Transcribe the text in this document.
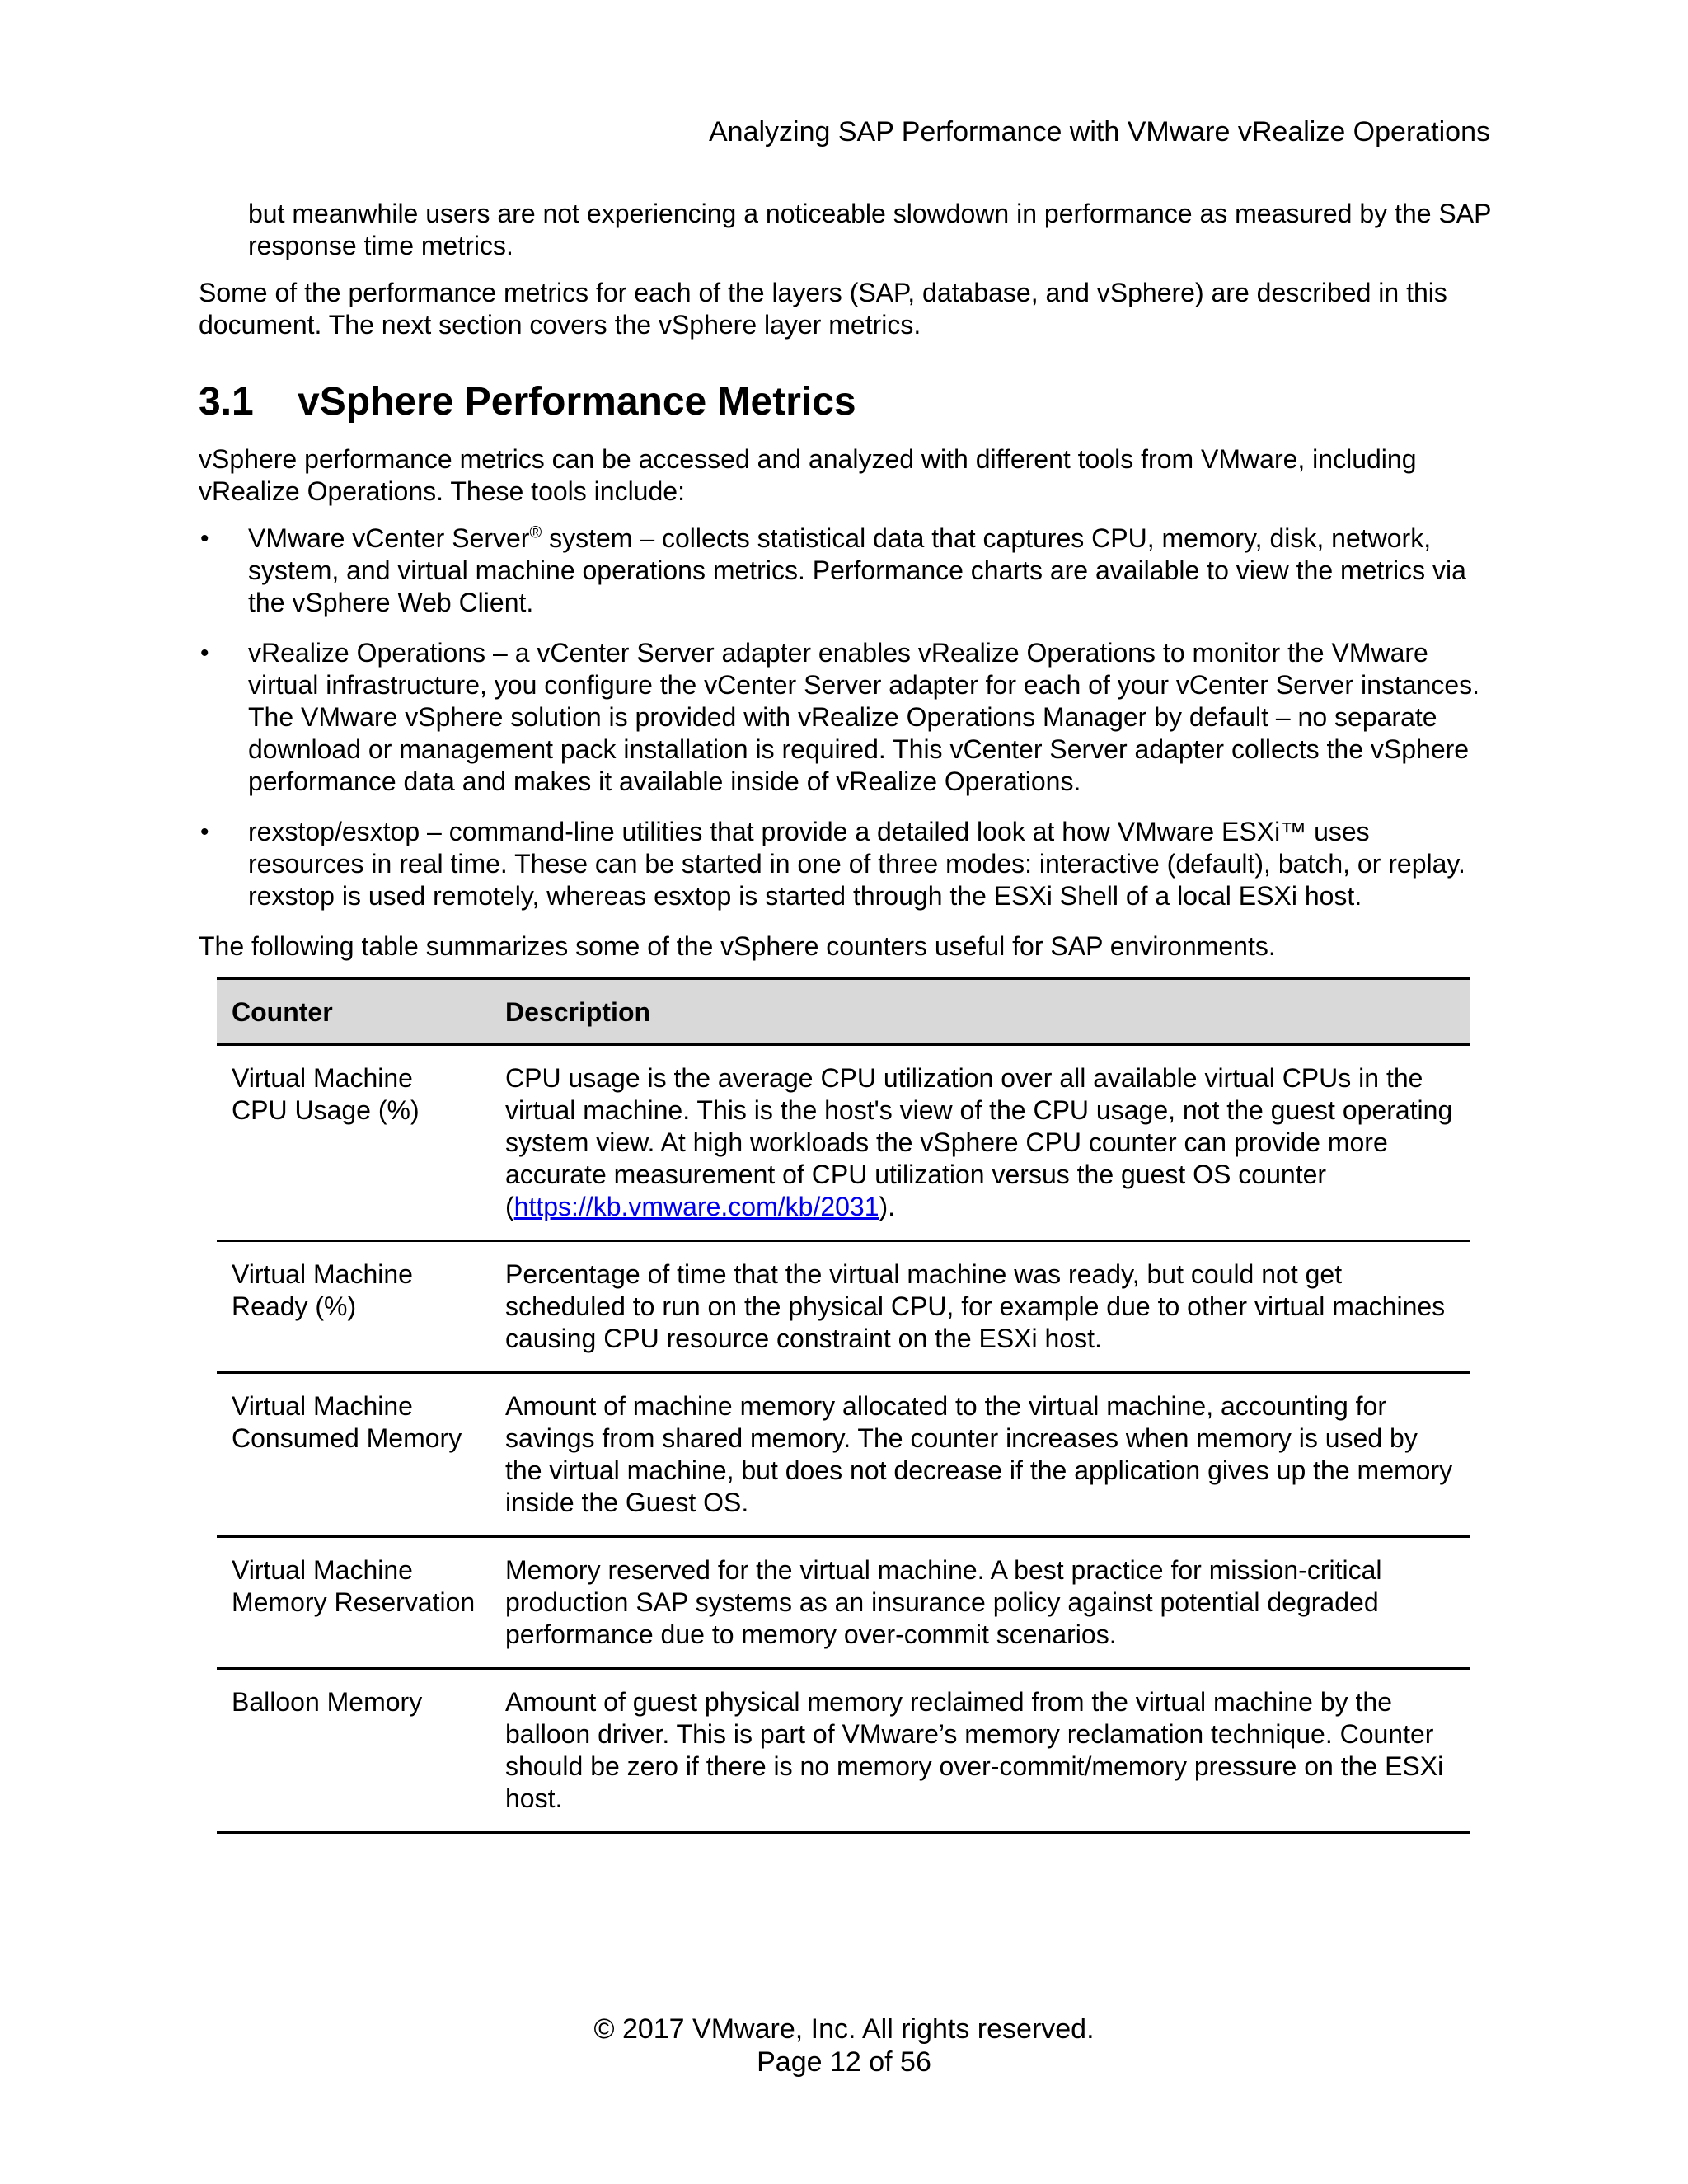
Analyzing SAP Performance with VMware vRealize Operations

but meanwhile users are not experiencing a noticeable slowdown in performance as measured by the SAP response time metrics.

Some of the performance metrics for each of the layers (SAP, database, and vSphere) are described in this document. The next section covers the vSphere layer metrics.

3.1	vSphere Performance Metrics

vSphere performance metrics can be accessed and analyzed with different tools from VMware, including vRealize Operations. These tools include:

• VMware vCenter Server® system – collects statistical data that captures CPU, memory, disk, network, system, and virtual machine operations metrics. Performance charts are available to view the metrics via the vSphere Web Client.
• vRealize Operations – a vCenter Server adapter enables vRealize Operations to monitor the VMware virtual infrastructure, you configure the vCenter Server adapter for each of your vCenter Server instances. The VMware vSphere solution is provided with vRealize Operations Manager by default – no separate download or management pack installation is required. This vCenter Server adapter collects the vSphere performance data and makes it available inside of vRealize Operations.
• rexstop/esxtop – command-line utilities that provide a detailed look at how VMware ESXi™ uses resources in real time. These can be started in one of three modes: interactive (default), batch, or replay. rexstop is used remotely, whereas esxtop is started through the ESXi Shell of a local ESXi host.

The following table summarizes some of the vSphere counters useful for SAP environments.

Counter	Description
Virtual Machine CPU Usage (%)	CPU usage is the average CPU utilization over all available virtual CPUs in the virtual machine. This is the host's view of the CPU usage, not the guest operating system view. At high workloads the vSphere CPU counter can provide more accurate measurement of CPU utilization versus the guest OS counter (https://kb.vmware.com/kb/2031).
Virtual Machine Ready (%)	Percentage of time that the virtual machine was ready, but could not get scheduled to run on the physical CPU, for example due to other virtual machines causing CPU resource constraint on the ESXi host.
Virtual Machine Consumed Memory	Amount of machine memory allocated to the virtual machine, accounting for savings from shared memory. The counter increases when memory is used by the virtual machine, but does not decrease if the application gives up the memory inside the Guest OS.
Virtual Machine Memory Reservation	Memory reserved for the virtual machine. A best practice for mission-critical production SAP systems as an insurance policy against potential degraded performance due to memory over-commit scenarios.
Balloon Memory	Amount of guest physical memory reclaimed from the virtual machine by the balloon driver. This is part of VMware’s memory reclamation technique. Counter should be zero if there is no memory over-commit/memory pressure on the ESXi host.
© 2017 VMware, Inc. All rights reserved.
Page 12 of 56
